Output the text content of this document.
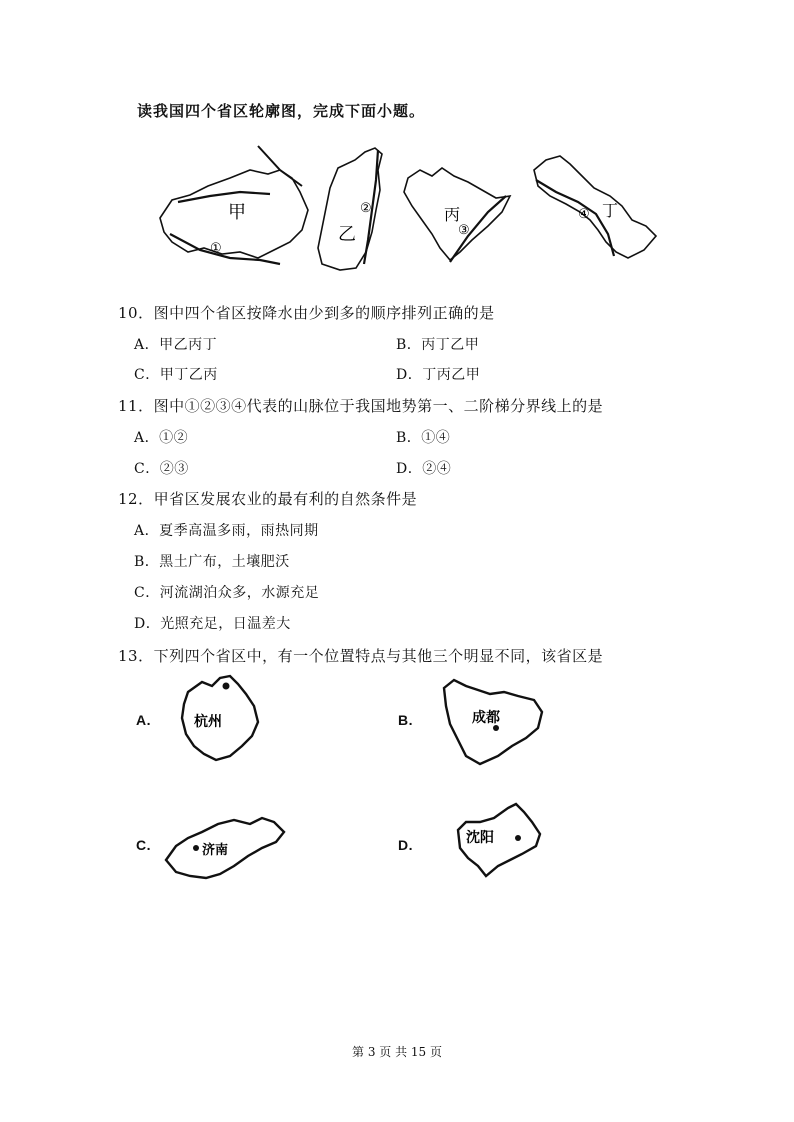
读我国四个省区轮廓图，完成下面小题。
甲
乙
丙	丁
①
②
③
④
10．图中四个省区按降水由少到多的顺序排列正确的是
A．甲乙丙丁	B．丙丁乙甲
C．甲丁乙丙	D．丁丙乙甲
11．图中①②③④代表的山脉位于我国地势第一、二阶梯分界线上的是
A．①②	B．①④
C．②③	D．②④
12．甲省区发展农业的最有利的自然条件是
A．夏季高温多雨，雨热同期
B．黑土广布，土壤肥沃
C．河流湖泊众多，水源充足
D．光照充足，日温差大
13．下列四个省区中，有一个位置特点与其他三个明显不同，该省区是
A.	杭州	B.	成都
C.	济南	D.	沈阳
第 3 页 共 15 页
